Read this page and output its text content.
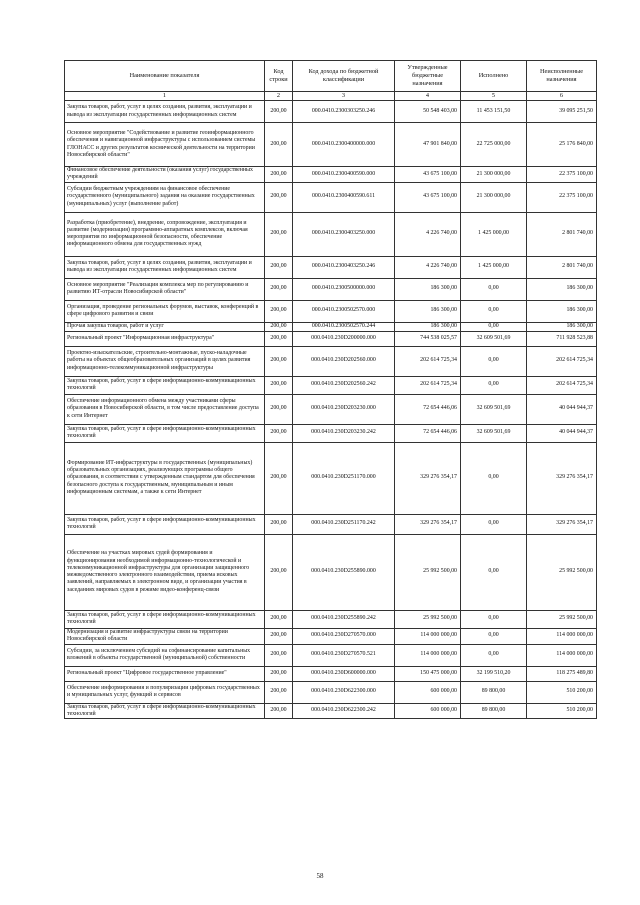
Наименование показателя	Код строки	Код дохода по бюджетной классификации	Утвержденные бюджетные назначения	Исполнено	Неисполненные назначения
1	2	3	4	5	6
Закупка товаров, работ, услуг в целях создания, развития, эксплуатации и вывода из эксплуатации государственных информационных систем	200,00	000.0410.2300303250.246	50 548 403,00	11 453 151,50	39 095 251,50
Основное мероприятие "Содействование и развитие геоинформационного обеспечения и навигационной инфраструктуры с использованием системы ГЛОНАСС и других результатов космической деятельности на территории Новосибирской области"	200,00	000.0410.2300400000.000	47 901 840,00	22 725 000,00	25 176 840,00
Финансовое обеспечение деятельности (оказания услуг) государственных учреждений	200,00	000.0410.2300400590.000	43 675 100,00	21 300 000,00	22 375 100,00
Субсидии бюджетным учреждениям на финансовое обеспечение государственного (муниципального) задания на оказание государственных (муниципальных) услуг (выполнение работ)	200,00	000.0410.2300400590.611	43 675 100,00	21 300 000,00	22 375 100,00
Разработка (приобретение), внедрение, сопровождение, эксплуатация и развитие (модернизация) программно-аппаратных комплексов, включая мероприятия по информационной безопасности, обеспечение информационного обмена для государственных нужд	200,00	000.0410.2300403250.000	4 226 740,00	1 425 000,00	2 801 740,00
Закупка товаров, работ, услуг в целях создания, развития, эксплуатации и вывода из эксплуатации государственных информационных систем	200,00	000.0410.2300403250.246	4 226 740,00	1 425 000,00	2 801 740,00
Основное мероприятие "Реализация комплекса мер по регулированию и развитию ИТ-отрасли Новосибирской области"	200,00	000.0410.2300500000.000	186 300,00	0,00	186 300,00
Организация, проведение региональных форумов, выставок, конференций в сфере цифрового развития и связи	200,00	000.0410.2300502570.000	186 300,00	0,00	186 300,00
Прочая закупка товаров, работ и услуг	200,00	000.0410.2300502570.244	186 300,00	0,00	186 300,00
Региональный проект "Информационная инфраструктура"	200,00	000.0410.230D200000.000	744 538 025,57	32 609 501,69	711 928 523,88
Проектно-изыскательские, строительно-монтажные, пуско-наладочные работы на объектах общеобразовательных организаций в целях развития информационно-телекоммуникационной инфраструктуры	200,00	000.0410.230D202560.000	202 614 725,34	0,00	202 614 725,34
Закупка товаров, работ, услуг в сфере информационно-коммуникационных технологий	200,00	000.0410.230D202560.242	202 614 725,34	0,00	202 614 725,34
Обеспечение информационного обмена между участниками сферы образования в Новосибирской области, в том числе предоставление доступа к сети Интернет	200,00	000.0410.230D203230.000	72 654 446,06	32 609 501,69	40 044 944,37
Закупка товаров, работ, услуг в сфере информационно-коммуникационных технологий	200,00	000.0410.230D203230.242	72 654 446,06	32 609 501,69	40 044 944,37
Формирование ИТ-инфраструктуры в государственных (муниципальных) образовательных организациях, реализующих программы общего образования, в соответствии с утвержденным стандартом для обеспечения безопасного доступа к государственным, муниципальным и иным информационным системам, а также к сети Интернет	200,00	000.0410.230D251170.000	329 276 354,17	0,00	329 276 354,17
Закупка товаров, работ, услуг в сфере информационно-коммуникационных технологий	200,00	000.0410.230D251170.242	329 276 354,17	0,00	329 276 354,17
Обеспечение на участках мировых судей формирования и функционирования необходимой информационно-технологической и телекоммуникационной инфраструктуры для организации защищенного межведомственного электронного взаимодействия, приема исковых заявлений, направляемых в электронном виде, и организации участия в заседаниях мировых судов в режиме видео-конференц-связи	200,00	000.0410.230D255890.000	25 992 500,00	0,00	25 992 500,00
Закупка товаров, работ, услуг в сфере информационно-коммуникационных технологий	200,00	000.0410.230D255890.242	25 992 500,00	0,00	25 992 500,00
Модернизация и развитие инфраструктуры связи на территории Новосибирской области	200,00	000.0410.230D270570.000	114 000 000,00	0,00	114 000 000,00
Субсидии, за исключением субсидий на софинансирование капитальных вложений в объекты государственной (муниципальной) собственности	200,00	000.0410.230D270570.521	114 000 000,00	0,00	114 000 000,00
Региональный проект "Цифровое государственное управление"	200,00	000.0410.230D600000.000	150 475 000,00	32 199 510,20	118 275 489,80
Обеспечение информирования и популяризации цифровых государственных и муниципальных услуг, функций и сервисов	200,00	000.0410.230D622300.000	600 000,00	89 800,00	510 200,00
Закупка товаров, работ, услуг в сфере информационно-коммуникационных технологий	200,00	000.0410.230D622300.242	600 000,00	89 800,00	510 200,00
58
